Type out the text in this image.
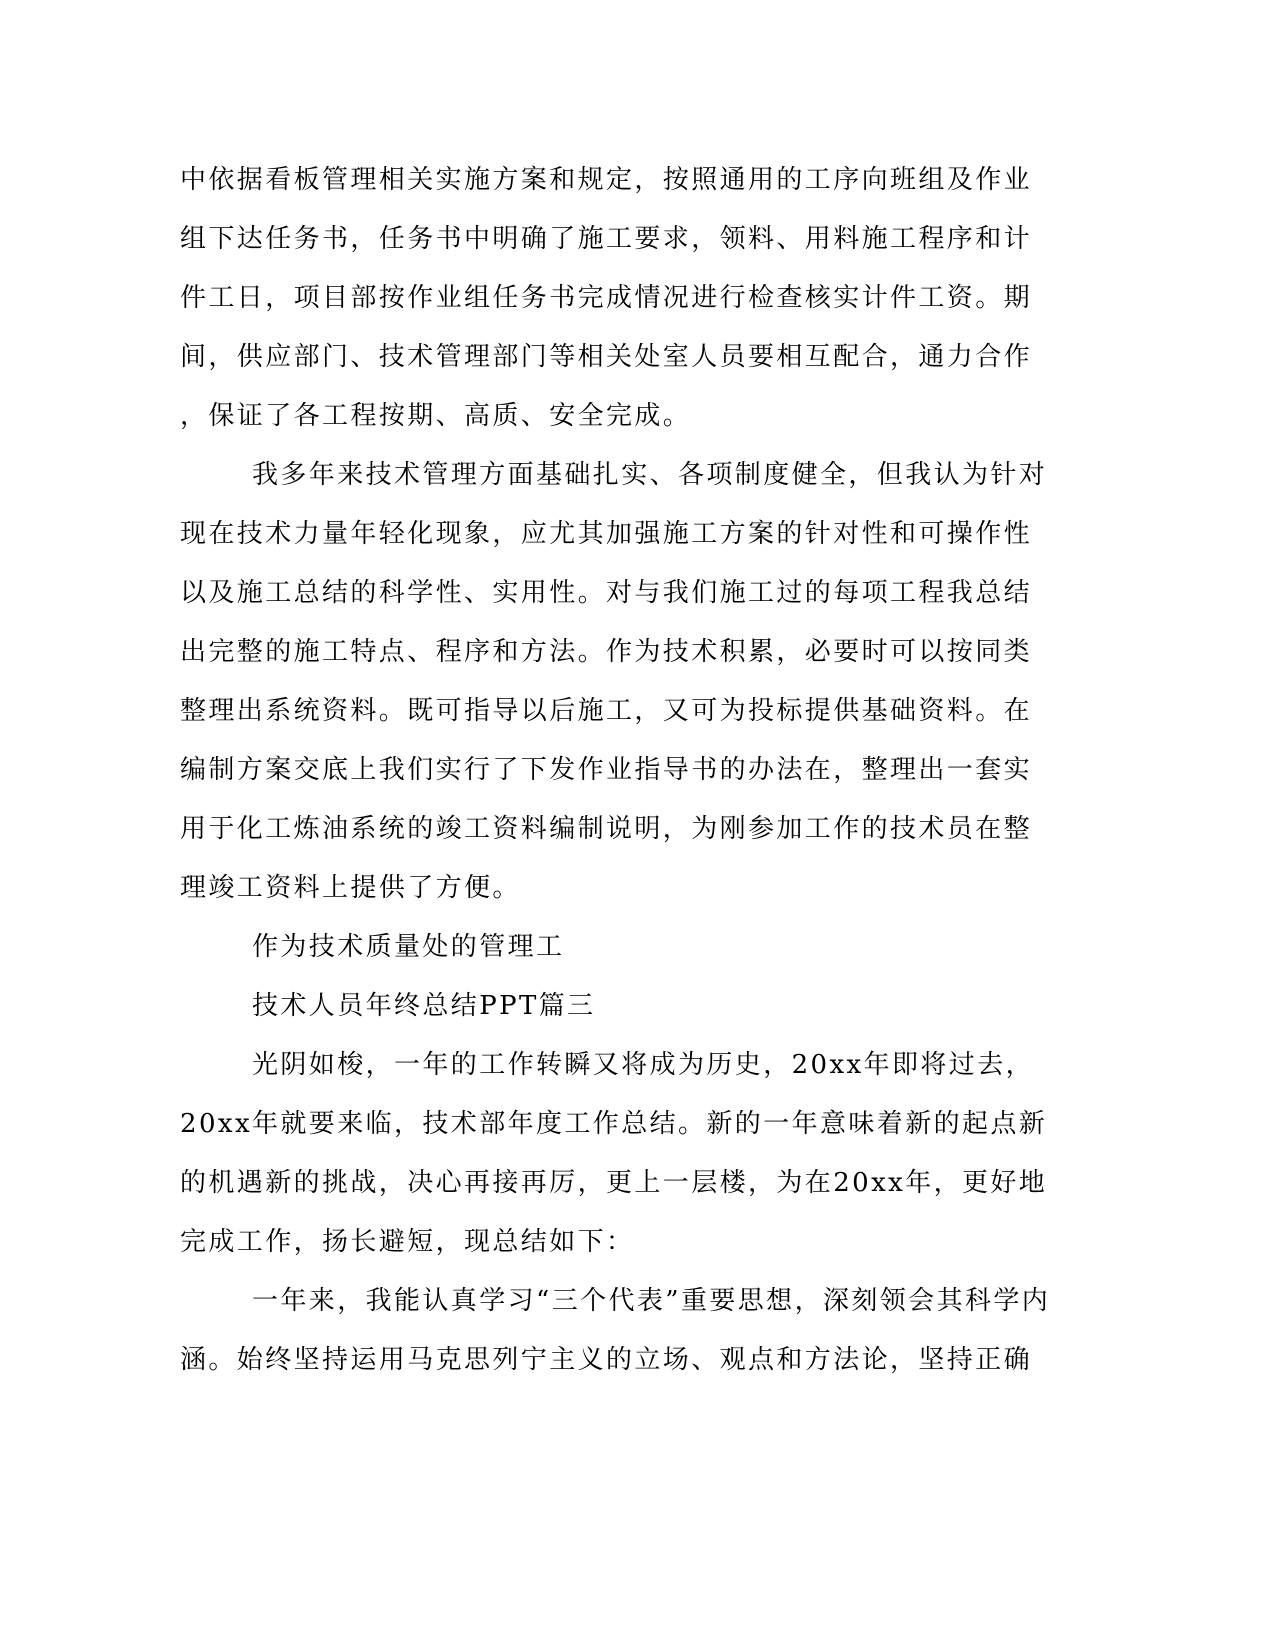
中依据看板管理相关实施方案和规定，按照通用的工序向班组及作业
组下达任务书，任务书中明确了施工要求，领料、用料施工程序和计
件工日，项目部按作业组任务书完成情况进行检查核实计件工资。期
间，供应部门、技术管理部门等相关处室人员要相互配合，通力合作
，保证了各工程按期、高质、安全完成。
我多年来技术管理方面基础扎实、各项制度健全，但我认为针对
现在技术力量年轻化现象，应尤其加强施工方案的针对性和可操作性
以及施工总结的科学性、实用性。对与我们施工过的每项工程我总结
出完整的施工特点、程序和方法。作为技术积累，必要时可以按同类
整理出系统资料。既可指导以后施工，又可为投标提供基础资料。在
编制方案交底上我们实行了下发作业指导书的办法在，整理出一套实
用于化工炼油系统的竣工资料编制说明，为刚参加工作的技术员在整
理竣工资料上提供了方便。
作为技术质量处的管理工
技术人员年终总结PPT篇三
光阴如梭，一年的工作转瞬又将成为历史，20xx年即将过去，
20xx年就要来临，技术部年度工作总结。新的一年意味着新的起点新
的机遇新的挑战，决心再接再厉，更上一层楼，为在20xx年，更好地
完成工作，扬长避短，现总结如下：
一年来，我能认真学习“三个代表”重要思想，深刻领会其科学内
涵。始终坚持运用马克思列宁主义的立场、观点和方法论，坚持正确
